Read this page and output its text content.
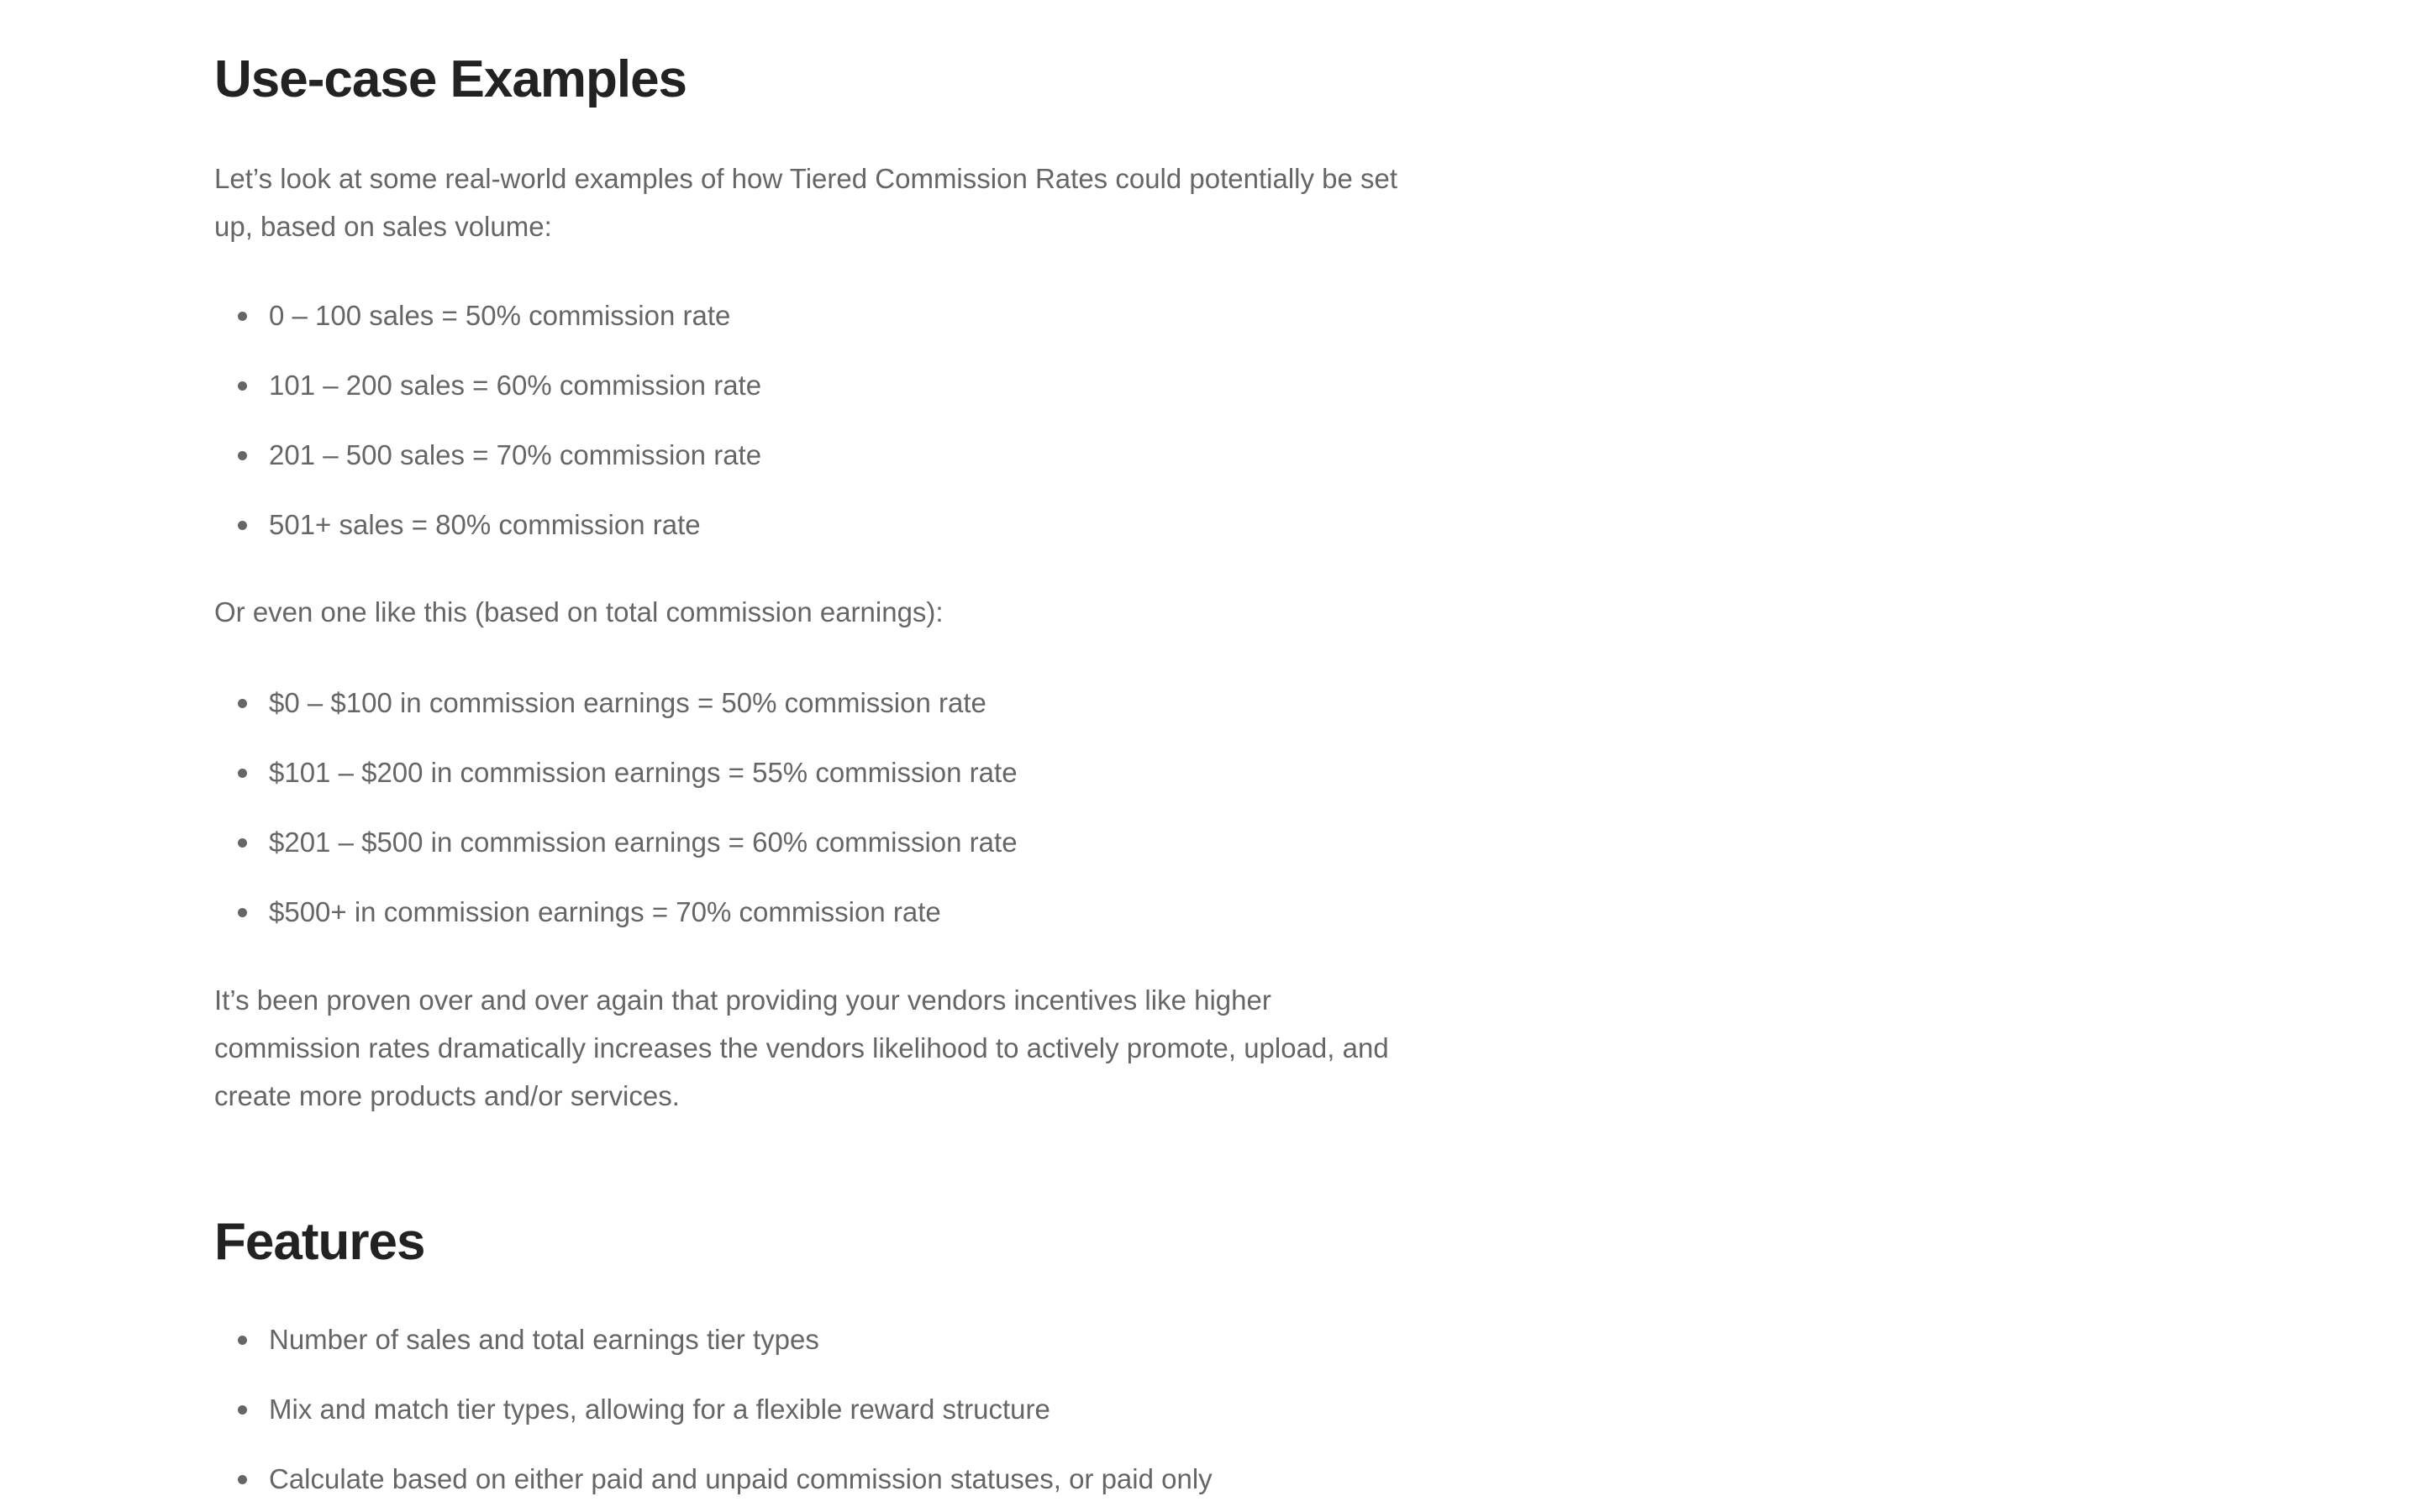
Use-case Examples
Let’s look at some real-world examples of how Tiered Commission Rates could potentially be set
up, based on sales volume:
0 – 100 sales = 50% commission rate
101 – 200 sales = 60% commission rate
201 – 500 sales = 70% commission rate
501+ sales = 80% commission rate
Or even one like this (based on total commission earnings):
$0 – $100 in commission earnings = 50% commission rate
$101 – $200 in commission earnings = 55% commission rate
$201 – $500 in commission earnings = 60% commission rate
$500+ in commission earnings = 70% commission rate
It’s been proven over and over again that providing your vendors incentives like higher
commission rates dramatically increases the vendors likelihood to actively promote, upload, and
create more products and/or services.
Features
Number of sales and total earnings tier types
Mix and match tier types, allowing for a flexible reward structure
Calculate based on either paid and unpaid commission statuses, or paid only
